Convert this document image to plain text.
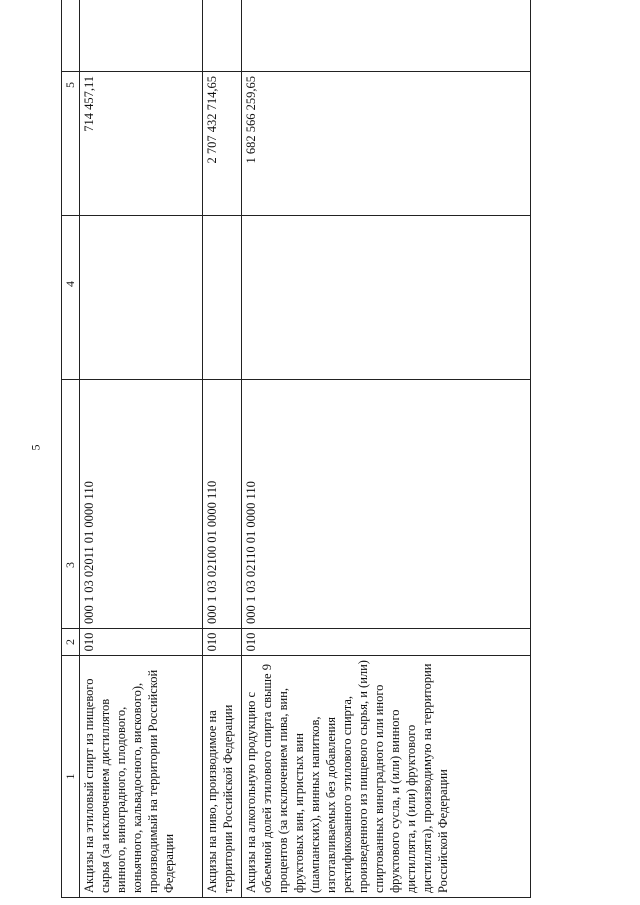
5
1	2	3	4	5	
Акцизы на этиловый спирт из пищевого сырья (за исключением дистиллятов винного, виноградного, плодового, коньячного, кальвадосного, вискового), производимый на территории Российской Федерации	010	000 1 03 02011 01 0000 110		714 457,11	
Акцизы на пиво, производимое на территории Российской Федерации	010	000 1 03 02100 01 0000 110		2 707 432 714,65	
Акцизы на алкогольную продукцию с объемной долей этилового спирта свыше 9 процентов (за исключением пива, вин, фруктовых вин, игристых вин (шампанских), винных напитков, изготавливаемых без добавления ректификованного этилового спирта, произведенного из пищевого сырья, и (или) спиртованных виноградного или иного фруктового сусла, и (или) винного дистиллята, и (или) фруктового дистиллята), производимую на территории Российской Федерации	010	000 1 03 02110 01 0000 110		1 682 566 259,65	
